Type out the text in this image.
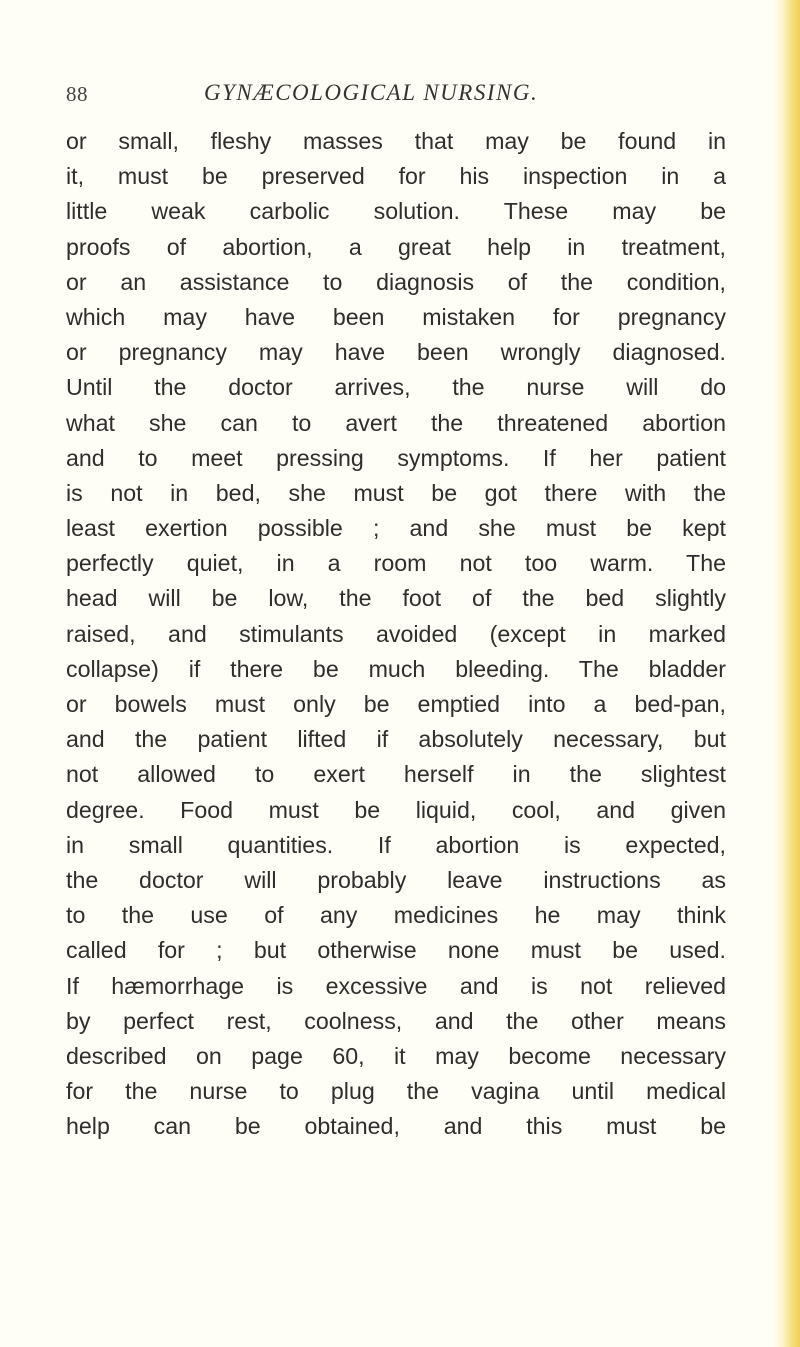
88	GYNÆCOLOGICAL NURSING.
or small, fleshy masses that may be found in
it, must be preserved for his inspection in a
little weak carbolic solution. These may be
proofs of abortion, a great help in treatment,
or an assistance to diagnosis of the condition,
which may have been mistaken for pregnancy
or pregnancy may have been wrongly diagnosed.
Until the doctor arrives, the nurse will do
what she can to avert the threatened abortion
and to meet pressing symptoms. If her patient
is not in bed, she must be got there with the
least exertion possible ; and she must be kept
perfectly quiet, in a room not too warm. The
head will be low, the foot of the bed slightly
raised, and stimulants avoided (except in marked
collapse) if there be much bleeding. The bladder
or bowels must only be emptied into a bed-pan,
and the patient lifted if absolutely necessary, but
not allowed to exert herself in the slightest
degree. Food must be liquid, cool, and given
in small quantities. If abortion is expected,
the doctor will probably leave instructions as
to the use of any medicines he may think
called for ; but otherwise none must be used.
If hæmorrhage is excessive and is not relieved
by perfect rest, coolness, and the other means
described on page 60, it may become necessary
for the nurse to plug the vagina until medical
help can be obtained, and this must be
